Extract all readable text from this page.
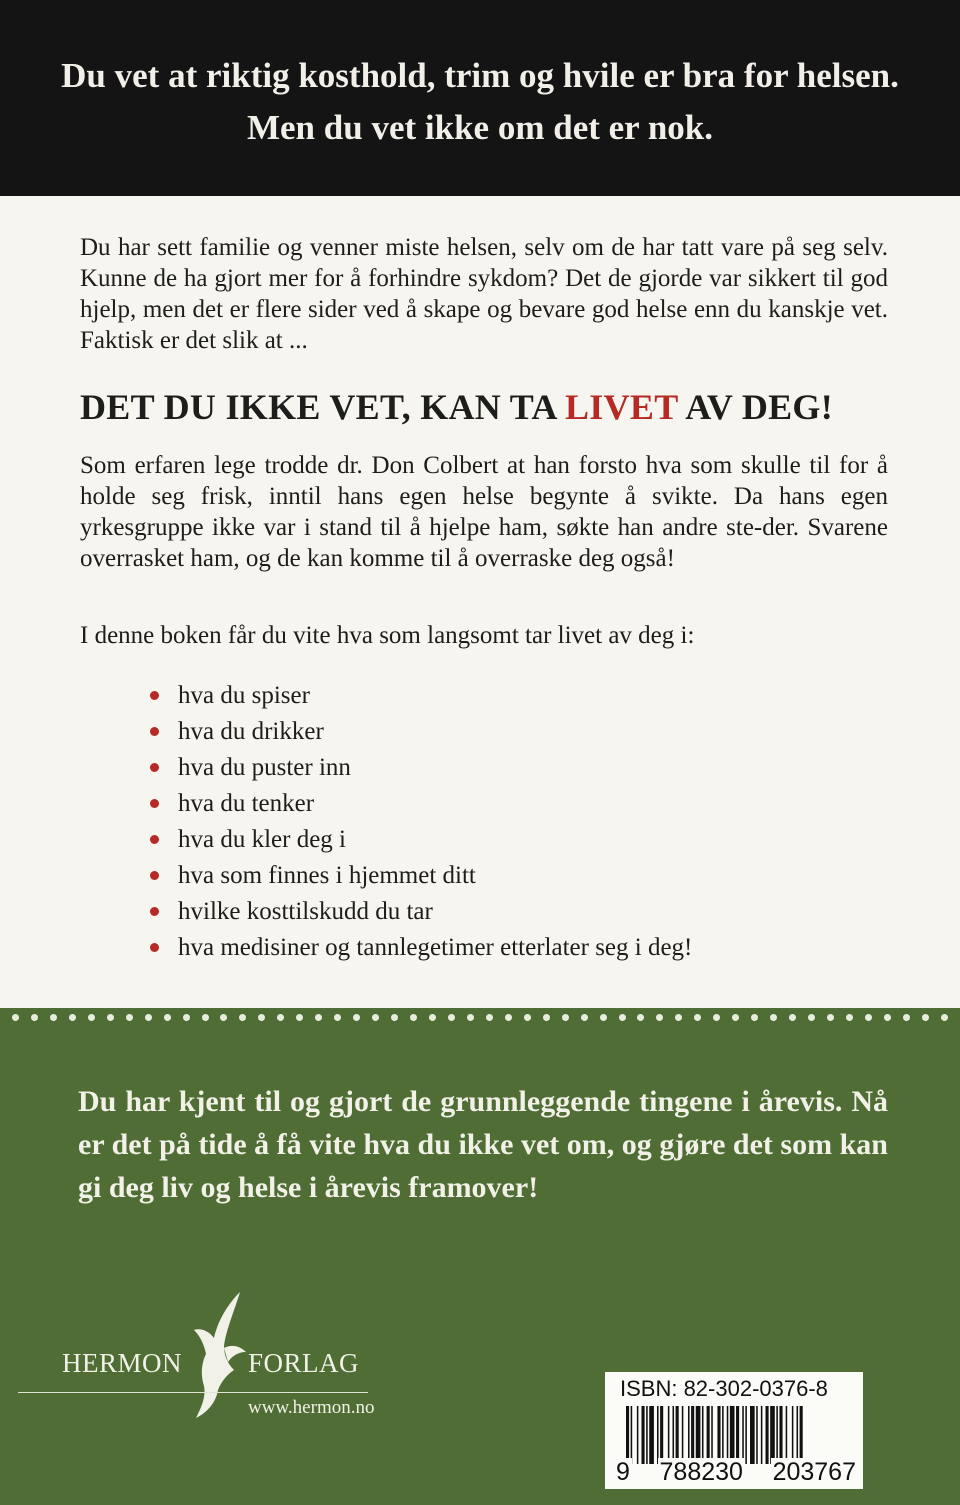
Du vet at riktig kosthold, trim og hvile er bra for helsen. Men du vet ikke om det er nok.

Du har sett familie og venner miste helsen, selv om de har tatt vare på seg selv. Kunne de ha gjort mer for å forhindre sykdom? Det de gjorde var sikkert til god hjelp, men det er flere sider ved å skape og bevare god helse enn du kanskje vet. Faktisk er det slik at ...

DET DU IKKE VET, KAN TA LIVET AV DEG!

Som erfaren lege trodde dr. Don Colbert at han forsto hva som skulle til for å holde seg frisk, inntil hans egen helse begynte å svikte. Da hans egen yrkesgruppe ikke var i stand til å hjelpe ham, søkte han andre ste-der. Svarene overrasket ham, og de kan komme til å overraske deg også!

I denne boken får du vite hva som langsomt tar livet av deg i:

hva du spiser
hva du drikker
hva du puster inn
hva du tenker
hva du kler deg i
hva som finnes i hjemmet ditt
hvilke kosttilskudd du tar
hva medisiner og tannlegetimer etterlater seg i deg!

Du har kjent til og gjort de grunnleggende tingene i årevis. Nå er det på tide å få vite hva du ikke vet om, og gjøre det som kan gi deg liv og helse i årevis framover!

HERMON FORLAG
www.hermon.no
ISBN: 82-302-0376-8
9 788230 203767
